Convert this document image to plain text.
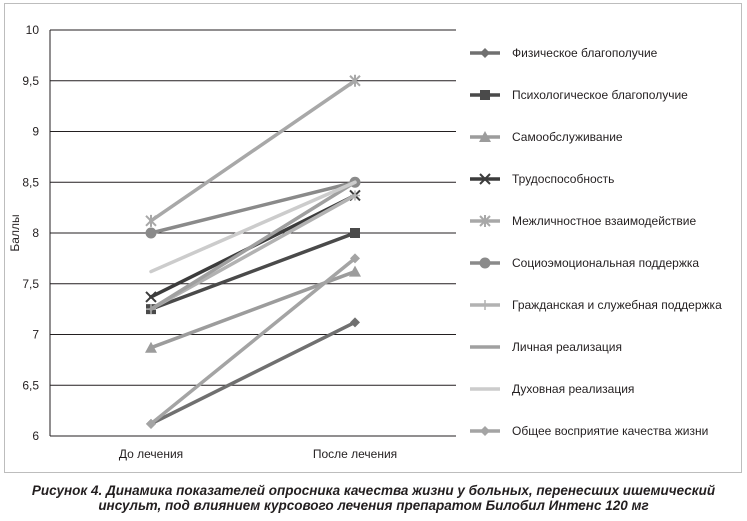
6
6,5
7
7,5
8
8,5
9
9,5
10
Баллы
До лечения	После лечения
Физическое благополучие
Психологическое благополучие
Самообслуживание
Трудоспособность
Межличностное взаимодействие
Социоэмоциональная поддержка
Гражданская и служебная поддержка
Личная реализация
Духовная реализация
Общее восприятие качества жизни
Рисунок 4. Динамика показателей опросника качества жизни у больных, перенесших ишемический
инсульт, под влиянием курсового лечения препаратом Билобил Интенс 120 мг
